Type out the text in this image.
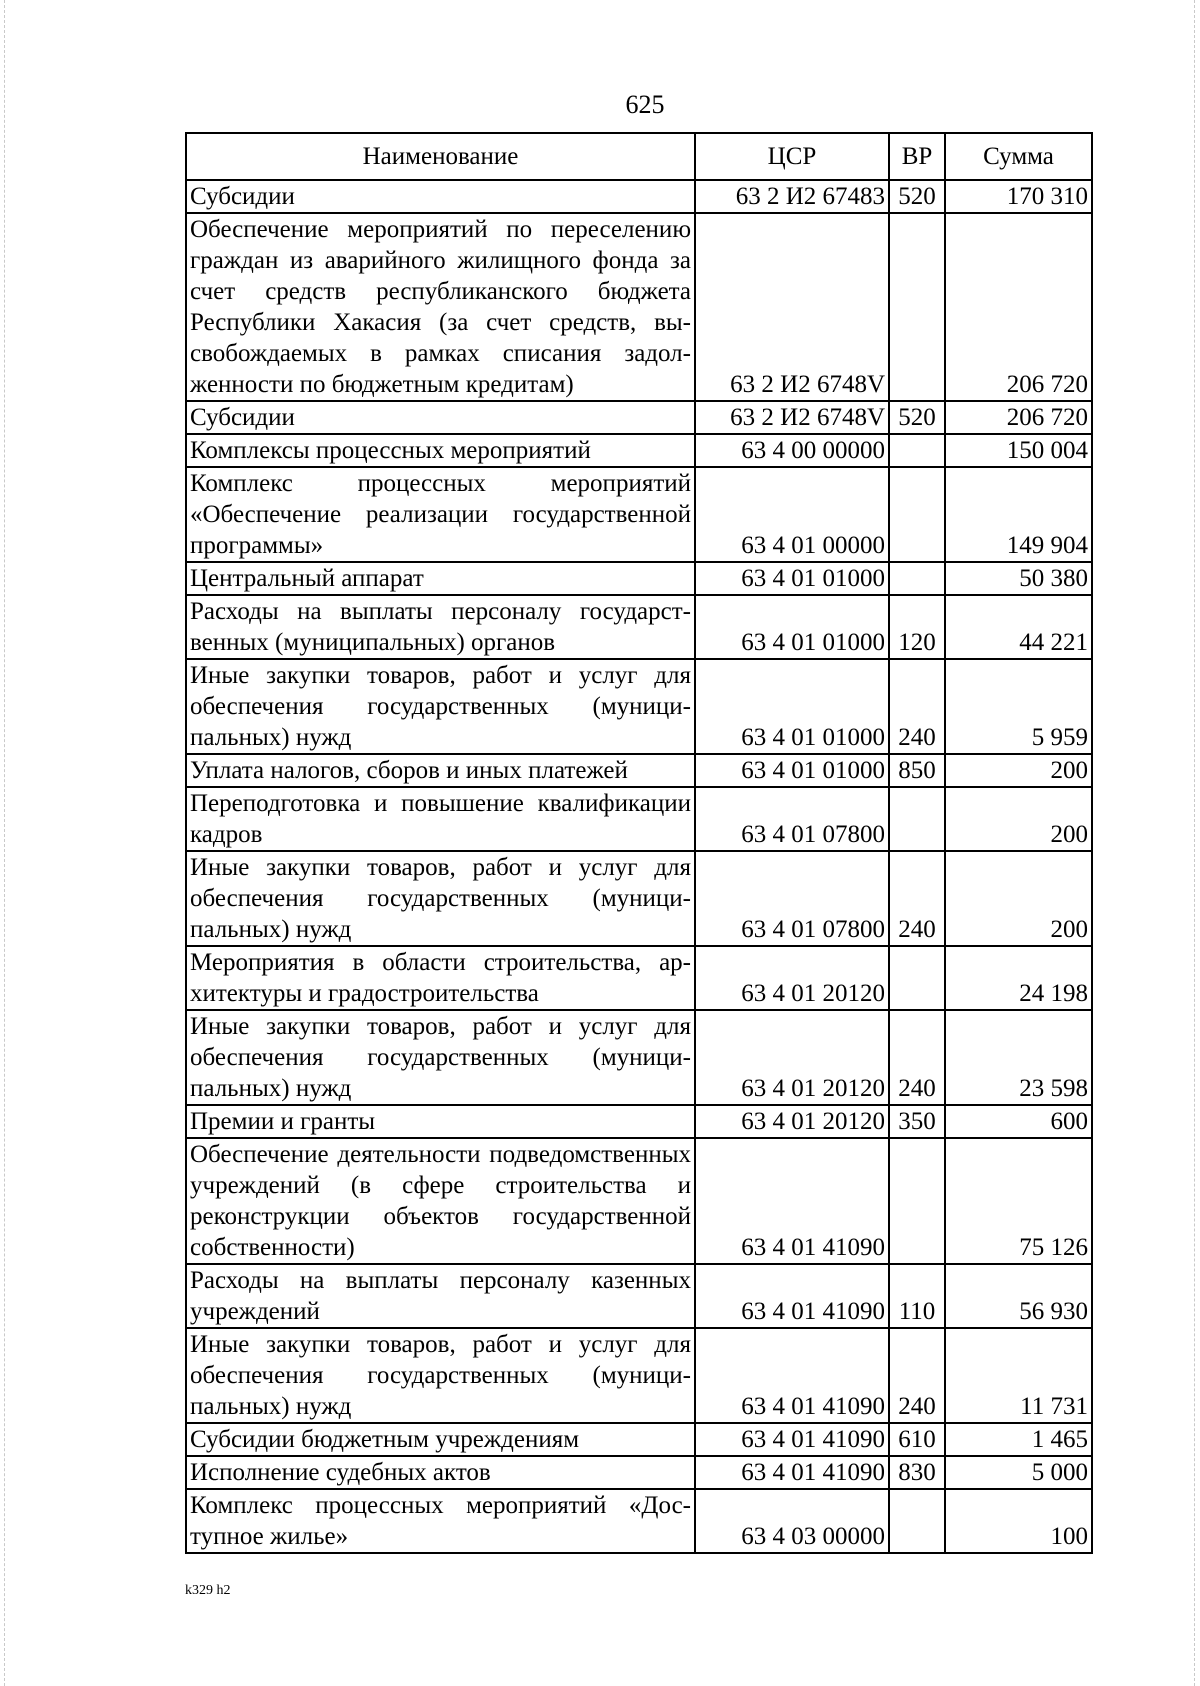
625
Наименование	ЦСР	ВР	Сумма
Субсидии	63 2 И2 67483	520	170 310
Обеспечение мероприятий по переселению граждан из аварийного жилищного фонда за счет средств республиканского бюджета Республики Хакасия (за счет средств, высвобождаемых в рамках списания задолженности по бюджетным кредитам)	63 2 И2 6748V		206 720
Субсидии	63 2 И2 6748V	520	206 720
Комплексы процессных мероприятий	63 4 00 00000		150 004
Комплекс процессных мероприятий «Обеспечение реализации государственной программы»	63 4 01 00000		149 904
Центральный аппарат	63 4 01 01000		50 380
Расходы на выплаты персоналу государственных (муниципальных) органов	63 4 01 01000	120	44 221
Иные закупки товаров, работ и услуг для обеспечения государственных (муниципальных) нужд	63 4 01 01000	240	5 959
Уплата налогов, сборов и иных платежей	63 4 01 01000	850	200
Переподготовка и повышение квалификации кадров	63 4 01 07800		200
Иные закупки товаров, работ и услуг для обеспечения государственных (муниципальных) нужд	63 4 01 07800	240	200
Мероприятия в области строительства, архитектуры и градостроительства	63 4 01 20120		24 198
Иные закупки товаров, работ и услуг для обеспечения государственных (муниципальных) нужд	63 4 01 20120	240	23 598
Премии и гранты	63 4 01 20120	350	600
Обеспечение деятельности подведомственных учреждений (в сфере строительства и реконструкции объектов государственной собственности)	63 4 01 41090		75 126
Расходы на выплаты персоналу казенных учреждений	63 4 01 41090	110	56 930
Иные закупки товаров, работ и услуг для обеспечения государственных (муниципальных) нужд	63 4 01 41090	240	11 731
Субсидии бюджетным учреждениям	63 4 01 41090	610	1 465
Исполнение судебных актов	63 4 01 41090	830	5 000
Комплекс процессных мероприятий «Доступное жилье»	63 4 03 00000		100
k329 h2
